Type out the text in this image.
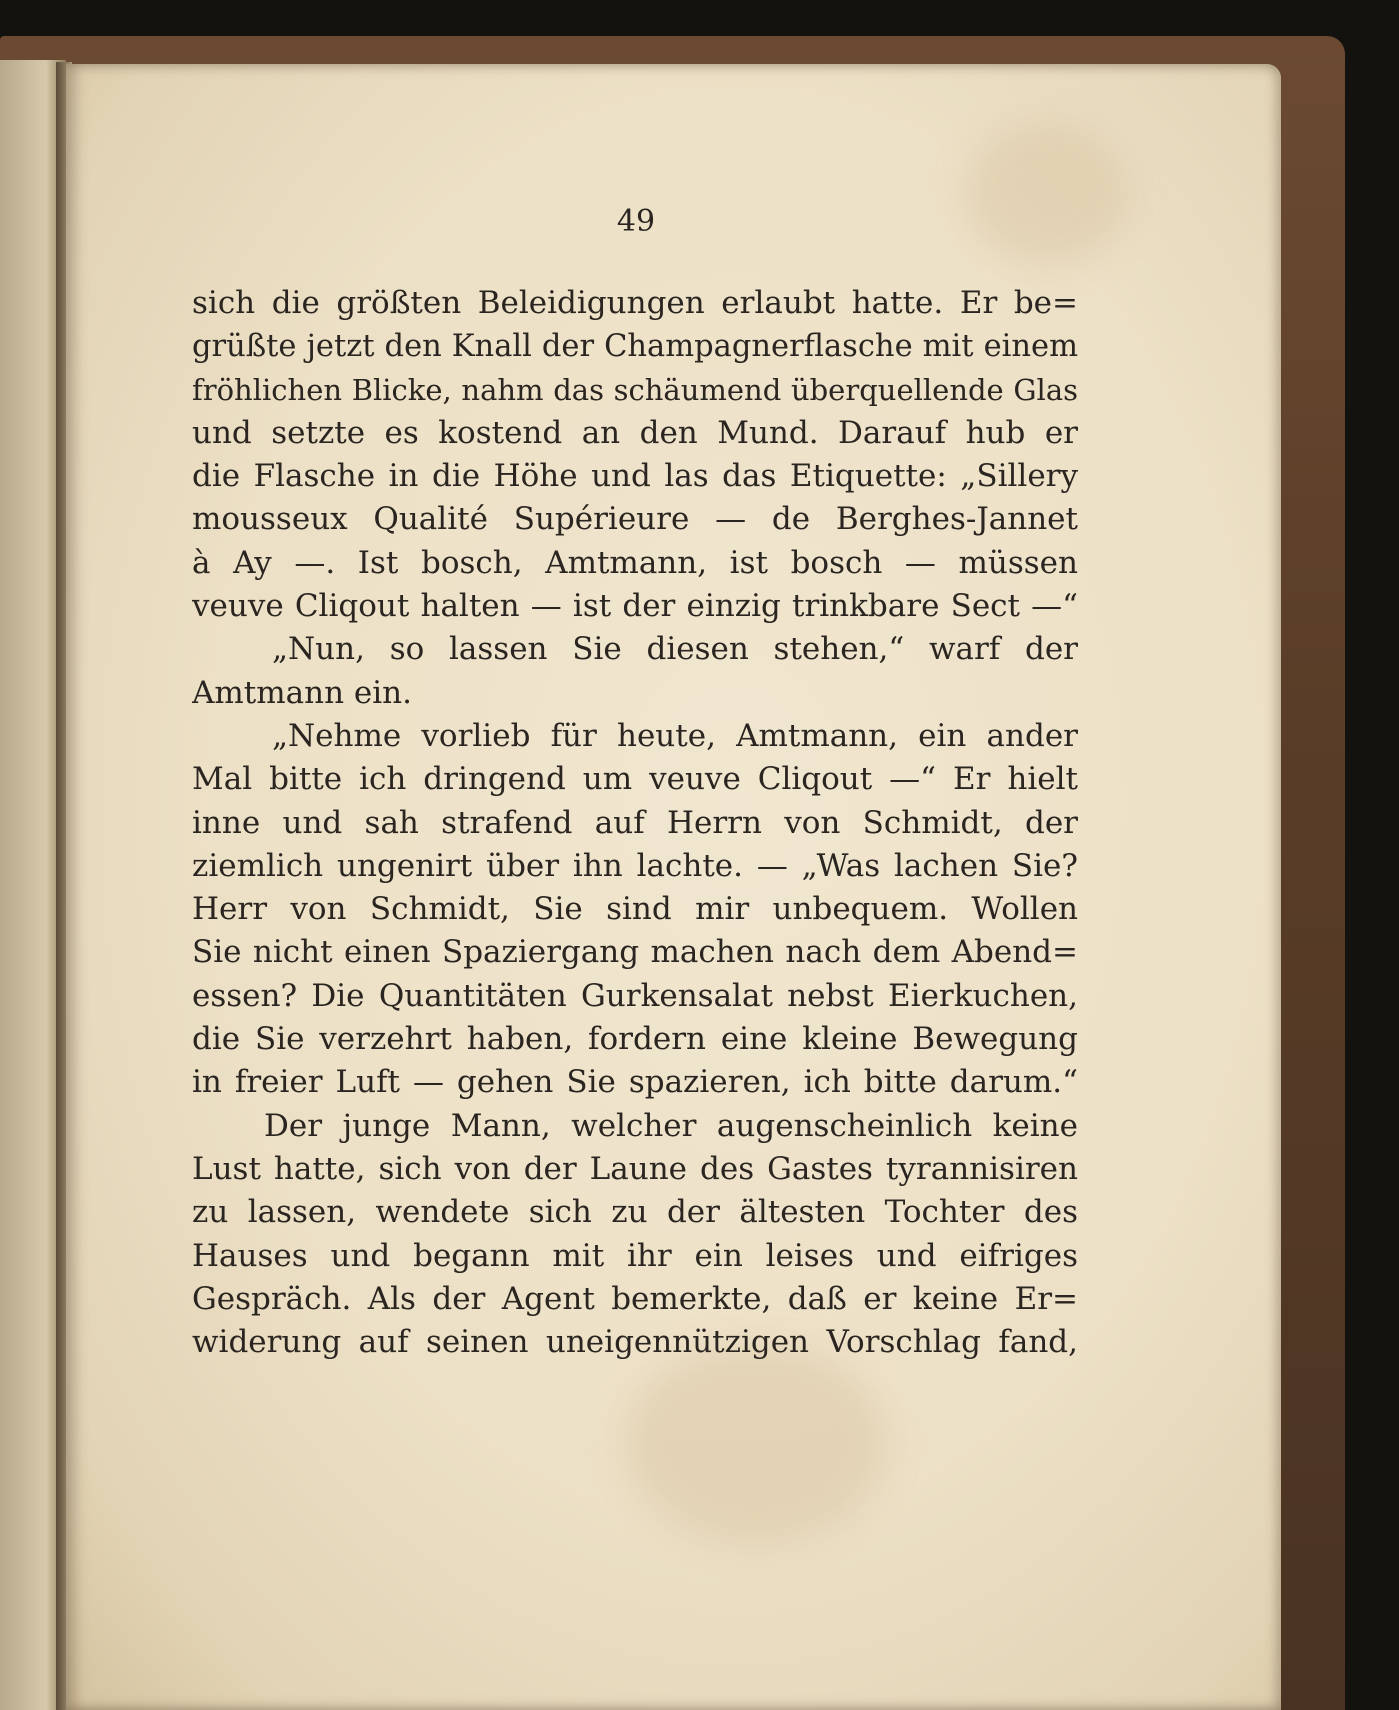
49
sich die größten Beleidigungen erlaubt hatte. Er be=
grüßte jetzt den Knall der Champagnerflasche mit einem
fröhlichen Blicke, nahm das schäumend überquellende Glas
und setzte es kostend an den Mund. Darauf hub er
die Flasche in die Höhe und las das Etiquette: „Sillery
mousseux Qualité Supérieure — de Berghes-Jannet
à Ay —. Ist bosch, Amtmann, ist bosch — müssen
veuve Cliqout halten — ist der einzig trinkbare Sect —“
„Nun, so lassen Sie diesen stehen,“ warf der
Amtmann ein.
„Nehme vorlieb für heute, Amtmann, ein ander
Mal bitte ich dringend um veuve Cliqout —“ Er hielt
inne und sah strafend auf Herrn von Schmidt, der
ziemlich ungenirt über ihn lachte. — „Was lachen Sie?
Herr von Schmidt, Sie sind mir unbequem. Wollen
Sie nicht einen Spaziergang machen nach dem Abend=
essen? Die Quantitäten Gurkensalat nebst Eierkuchen,
die Sie verzehrt haben, fordern eine kleine Bewegung
in freier Luft — gehen Sie spazieren, ich bitte darum.“
Der junge Mann, welcher augenscheinlich keine
Lust hatte, sich von der Laune des Gastes tyrannisiren
zu lassen, wendete sich zu der ältesten Tochter des
Hauses und begann mit ihr ein leises und eifriges
Gespräch. Als der Agent bemerkte, daß er keine Er=
widerung auf seinen uneigennützigen Vorschlag fand,
